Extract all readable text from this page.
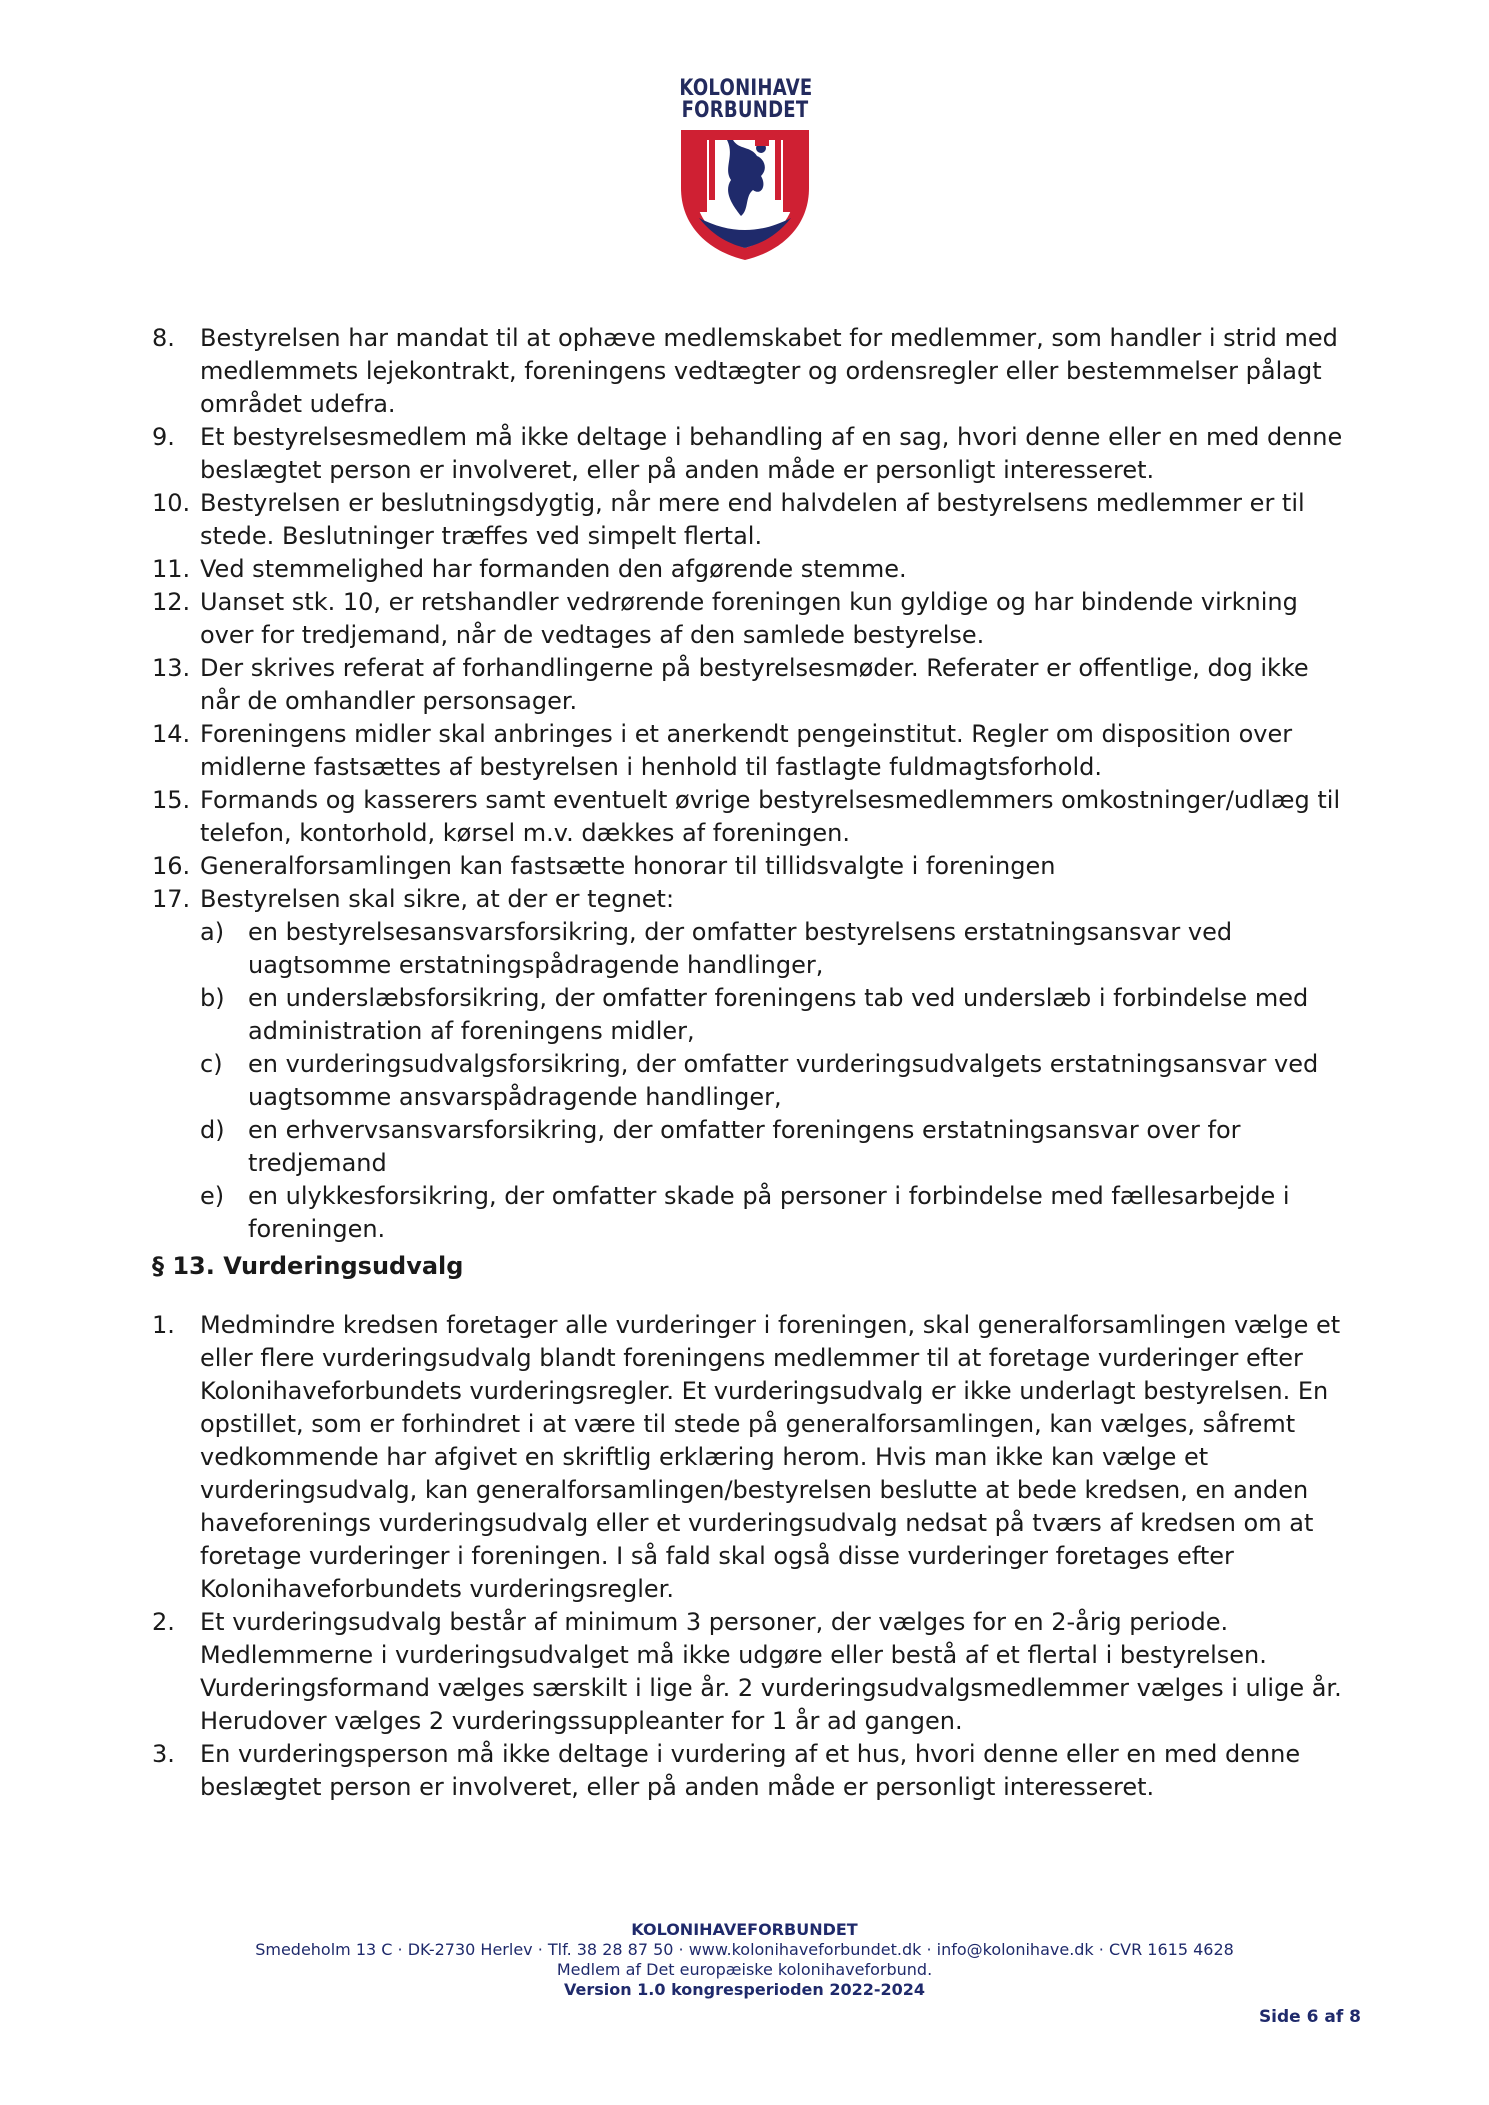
KOLONIHAVE
FORBUNDET
8. Bestyrelsen har mandat til at ophæve medlemskabet for medlemmer, som handler i strid med medlemmets lejekontrakt, foreningens vedtægter og ordensregler eller bestemmelser pålagt området udefra.
9. Et bestyrelsesmedlem må ikke deltage i behandling af en sag, hvori denne eller en med denne beslægtet person er involveret, eller på anden måde er personligt interesseret.
10. Bestyrelsen er beslutningsdygtig, når mere end halvdelen af bestyrelsens medlemmer er til stede. Beslutninger træffes ved simpelt flertal.
11. Ved stemmelighed har formanden den afgørende stemme.
12. Uanset stk. 10, er retshandler vedrørende foreningen kun gyldige og har bindende virkning over for tredjemand, når de vedtages af den samlede bestyrelse.
13. Der skrives referat af forhandlingerne på bestyrelsesmøder. Referater er offentlige, dog ikke når de omhandler personsager.
14. Foreningens midler skal anbringes i et anerkendt pengeinstitut. Regler om disposition over midlerne fastsættes af bestyrelsen i henhold til fastlagte fuldmagtsforhold.
15. Formands og kasserers samt eventuelt øvrige bestyrelsesmedlemmers omkostninger/udlæg til telefon, kontorhold, kørsel m.v. dækkes af foreningen.
16. Generalforsamlingen kan fastsætte honorar til tillidsvalgte i foreningen
17. Bestyrelsen skal sikre, at der er tegnet:
a) en bestyrelsesansvarsforsikring, der omfatter bestyrelsens erstatningsansvar ved uagtsomme erstatningspådragende handlinger,
b) en underslæbsforsikring, der omfatter foreningens tab ved underslæb i forbindelse med administration af foreningens midler,
c) en vurderingsudvalgsforsikring, der omfatter vurderingsudvalgets erstatningsansvar ved uagtsomme ansvarspådragende handlinger,
d) en erhvervsansvarsforsikring, der omfatter foreningens erstatningsansvar over for tredjemand
e) en ulykkesforsikring, der omfatter skade på personer i forbindelse med fællesarbejde i foreningen.
§ 13. Vurderingsudvalg
1. Medmindre kredsen foretager alle vurderinger i foreningen, skal generalforsamlingen vælge et eller flere vurderingsudvalg blandt foreningens medlemmer til at foretage vurderinger efter Kolonihaveforbundets vurderingsregler. Et vurderingsudvalg er ikke underlagt bestyrelsen. En opstillet, som er forhindret i at være til stede på generalforsamlingen, kan vælges, såfremt vedkommende har afgivet en skriftlig erklæring herom. Hvis man ikke kan vælge et vurderingsudvalg, kan generalforsamlingen/bestyrelsen beslutte at bede kredsen, en anden haveforenings vurderingsudvalg eller et vurderingsudvalg nedsat på tværs af kredsen om at foretage vurderinger i foreningen. I så fald skal også disse vurderinger foretages efter Kolonihaveforbundets vurderingsregler.
2. Et vurderingsudvalg består af minimum 3 personer, der vælges for en 2-årig periode. Medlemmerne i vurderingsudvalget må ikke udgøre eller bestå af et flertal i bestyrelsen. Vurderingsformand vælges særskilt i lige år. 2 vurderingsudvalgsmedlemmer vælges i ulige år. Herudover vælges 2 vurderingssuppleanter for 1 år ad gangen.
3. En vurderingsperson må ikke deltage i vurdering af et hus, hvori denne eller en med denne beslægtet person er involveret, eller på anden måde er personligt interesseret.
KOLONIHAVEFORBUNDET
Smedeholm 13 C · DK-2730 Herlev · Tlf. 38 28 87 50 · www.kolonihaveforbundet.dk · info@kolonihave.dk · CVR 1615 4628
Medlem af Det europæiske kolonihaveforbund.
Version 1.0 kongresperioden 2022-2024
Side 6 af 8
